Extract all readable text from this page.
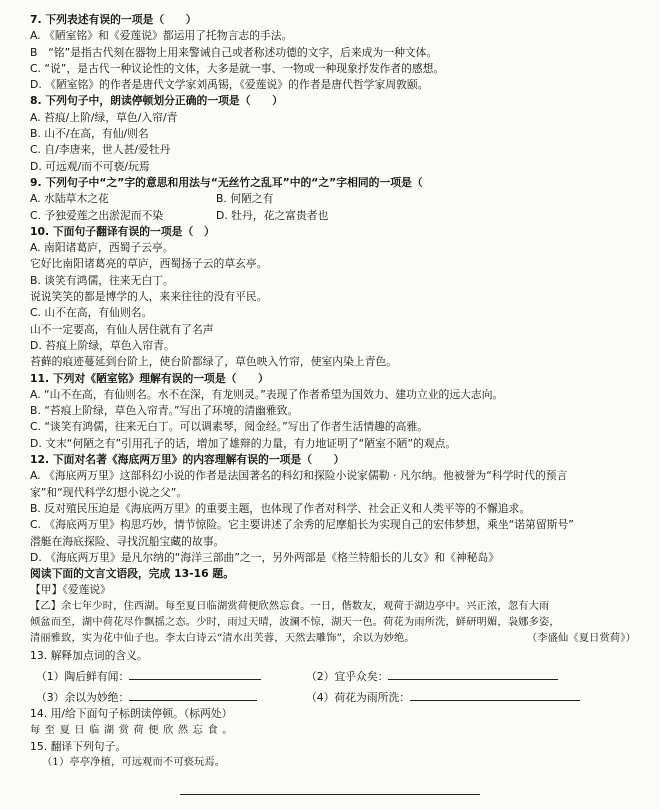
7. 下列表述有误的一项是（　　）
A. 《陋室铭》和《爱莲说》都运用了托物言志的手法。
B　“铭”是指古代刻在器物上用来警诫自己或者称述功德的文字，后来成为一种文体。
C. “说”，是古代一种议论性的文体，大多是就一事、一物或一种现象抒发作者的感想。
D. 《陋室铭》的作者是唐代文学家刘禹锡，《爱莲说》的作者是唐代哲学家周敦颐。
8. 下列句子中，朗读停顿划分正确的一项是（　　）
A. 苔痕/上阶/绿，草色/入帘/青
B. 山不/在高，有仙/则名
C. 自/李唐来，世人甚/爱牡丹
D. 可远观/而不可亵/玩焉
9. 下列句子中“之”字的意思和用法与“无丝竹之乱耳”中的“之”字相同的一项是（
A. 水陆草木之花	B. 何陋之有
C. 予独爱莲之出淤泥而不染	D. 牡丹，花之富贵者也
10. 下面句子翻译有误的一项是（　）
A. 南阳诸葛庐，西蜀子云亭。
它好比南阳诸葛亮的草庐，西蜀扬子云的草玄亭。
B. 谈笑有鸿儒，往来无白丁。
说说笑笑的都是博学的人，来来往往的没有平民。
C. 山不在高，有仙则名。
山不一定要高，有仙人居住就有了名声
D. 苔痕上阶绿，草色入帘青。
苔藓的痕迹蔓延到台阶上，使台阶都绿了，草色映入竹帘，使室内染上青色。
11. 下列对《陋室铭》理解有误的一项是（　　）
A. “山不在高，有仙则名。水不在深，有龙则灵。”表现了作者希望为国效力、建功立业的远大志向。
B. “苔痕上阶绿，草色入帘青。”写出了环境的清幽雅致。
C. “谈笑有鸿儒，往来无白丁。可以调素琴，阅金经。”写出了作者生活情趣的高雅。
D. 文末“何陋之有”引用孔子的话，增加了雄辩的力量，有力地证明了“陋室不陋”的观点。
12. 下面对名著《海底两万里》的内容理解有误的一项是（　　）
A. 《海底两万里》这部科幻小说的作者是法国著名的科幻和探险小说家儒勒 · 凡尔纳。他被誉为“科学时代的预言
家”和“现代科学幻想小说之父”。
B. 反对殖民压迫是《海底两万里》的重要主题，也体现了作者对科学、社会正义和人类平等的不懈追求。
C. 《海底两万里》构思巧妙，情节惊险。它主要讲述了余秀的尼摩船长为实现自己的宏伟梦想，乘坐“诺第留斯号”
潜艇在海底探险、寻找沉船宝藏的故事。
D. 《海底两万里》是凡尔纳的“海洋三部曲”之一，另外两部是《格兰特船长的儿女》和《神秘岛》
阅读下面的文言文语段，完成 13-16 题。
【甲】《爱莲说》
【乙】余七年少时，住西湖。每至夏日临湖赏荷便欣然忘食。一日，偕数友，观荷于湖边亭中。兴正浓，忽有大雨
倾盆而至，湖中荷花尽作飘摇之态。少时，雨过天晴，波澜不惊，湖天一色。荷花为雨所洗，鲜研明媚，袅娜多姿，
清丽雅致，实为花中仙子也。李太白诗云“清水出芙蓉，天然去雕饰”，余以为妙绝。	（李盛仙《夏日赏荷》）
13. 解释加点词的含义。
（1）陶后鲜有闻：	（2）宜乎众矣：
（3）余以为妙绝：	（4）荷花为雨所洗：
14. 用/给下面句子标朗读停顿。（标两处）
每至夏日临湖赏荷便欣然忘食。
15. 翻译下列句子。
（1）亭亭净植，可远观而不可亵玩焉。
